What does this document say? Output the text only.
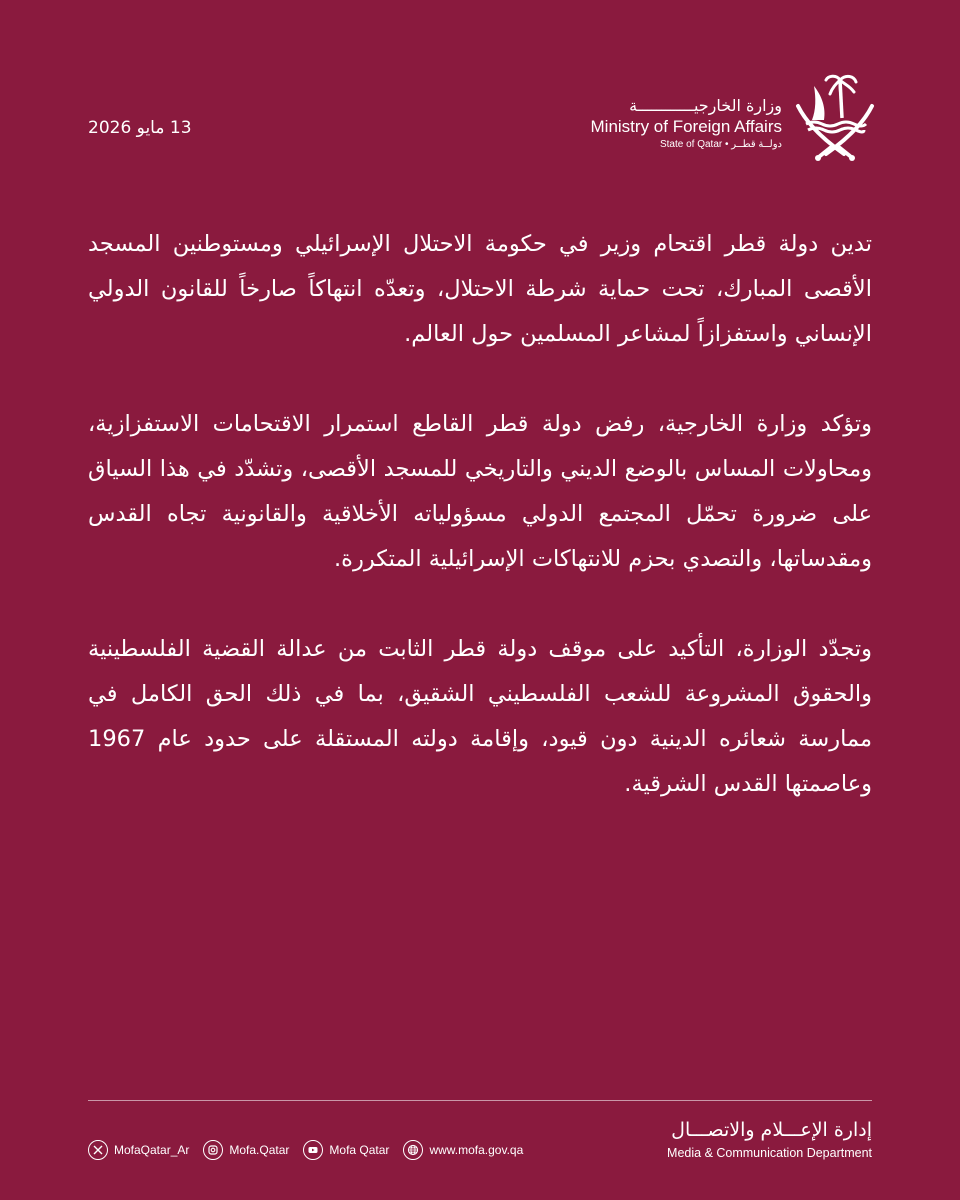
وزارة الخارجيــــــــــــة
Ministry of Foreign Affairs
State of Qatar • دولــة قطــر
13 مايو 2026

تدين دولة قطر اقتحام وزير في حكومة الاحتلال الإسرائيلي ومستوطنين المسجد الأقصى المبارك، تحت حماية شرطة الاحتلال، وتعدّه انتهاكاً صارخاً للقانون الدولي الإنساني واستفزازاً لمشاعر المسلمين حول العالم.

وتؤكد وزارة الخارجية، رفض دولة قطر القاطع استمرار الاقتحامات الاستفزازية، ومحاولات المساس بالوضع الديني والتاريخي للمسجد الأقصى، وتشدّد في هذا السياق على ضرورة تحمّل المجتمع الدولي مسؤولياته الأخلاقية والقانونية تجاه القدس ومقدساتها، والتصدي بحزم للانتهاكات الإسرائيلية المتكررة.

وتجدّد الوزارة، التأكيد على موقف دولة قطر الثابت من عدالة القضية الفلسطينية والحقوق المشروعة للشعب الفلسطيني الشقيق، بما في ذلك الحق الكامل في ممارسة شعائره الدينية دون قيود، وإقامة دولته المستقلة على حدود عام 1967 وعاصمتها القدس الشرقية.

إدارة الإعـــلام والاتصـــال
Media & Communication Department
MofaQatar_Ar	Mofa.Qatar	Mofa Qatar	www.mofa.gov.qa
